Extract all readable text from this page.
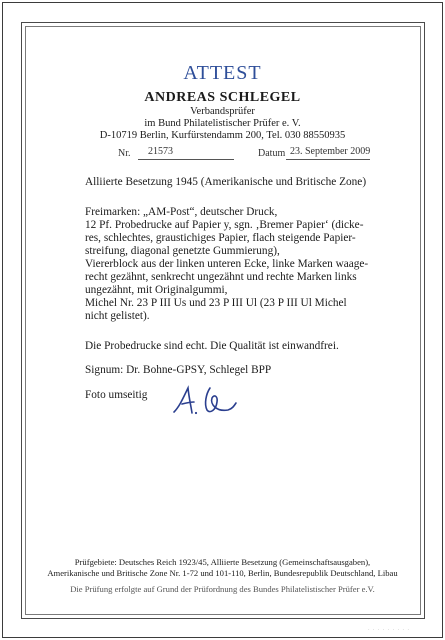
ATTEST
ANDREAS SCHLEGEL
Verbandsprüfer
im Bund Philatelistischer Prüfer e. V.
D-10719 Berlin, Kurfürstendamm 200, Tel. 030 88550935
Nr. 21573	Datum 23. September 2009
Alliierte Besetzung 1945 (Amerikanische und Britische Zone)
Freimarken: „AM-Post“, deutscher Druck,
12 Pf. Probedrucke auf Papier y, sgn. ‚Bremer Papier‘ (dicke-
res, schlechtes, graustichiges Papier, flach steigende Papier-
streifung, diagonal genetzte Gummierung),
Viererblock aus der linken unteren Ecke, linke Marken waage-
recht gezähnt, senkrecht ungezähnt und rechte Marken links
ungezähnt, mit Originalgummi,
Michel Nr. 23 P III Us und 23 P III Ul (23 P III Ul Michel
nicht gelistet).
Die Probedrucke sind echt. Die Qualität ist einwandfrei.
Signum: Dr. Bohne-GPSY, Schlegel BPP
Foto umseitig
Prüfgebiete: Deutsches Reich 1923/45, Alliierte Besetzung (Gemeinschaftsausgaben),
Amerikanische und Britische Zone Nr. 1-72 und 101-110, Berlin, Bundesrepublik Deutschland, Libau
Die Prüfung erfolgte auf Grund der Prüfordnung des Bundes Philatelistischer Prüfer e.V.
· · · · · · · · ·
